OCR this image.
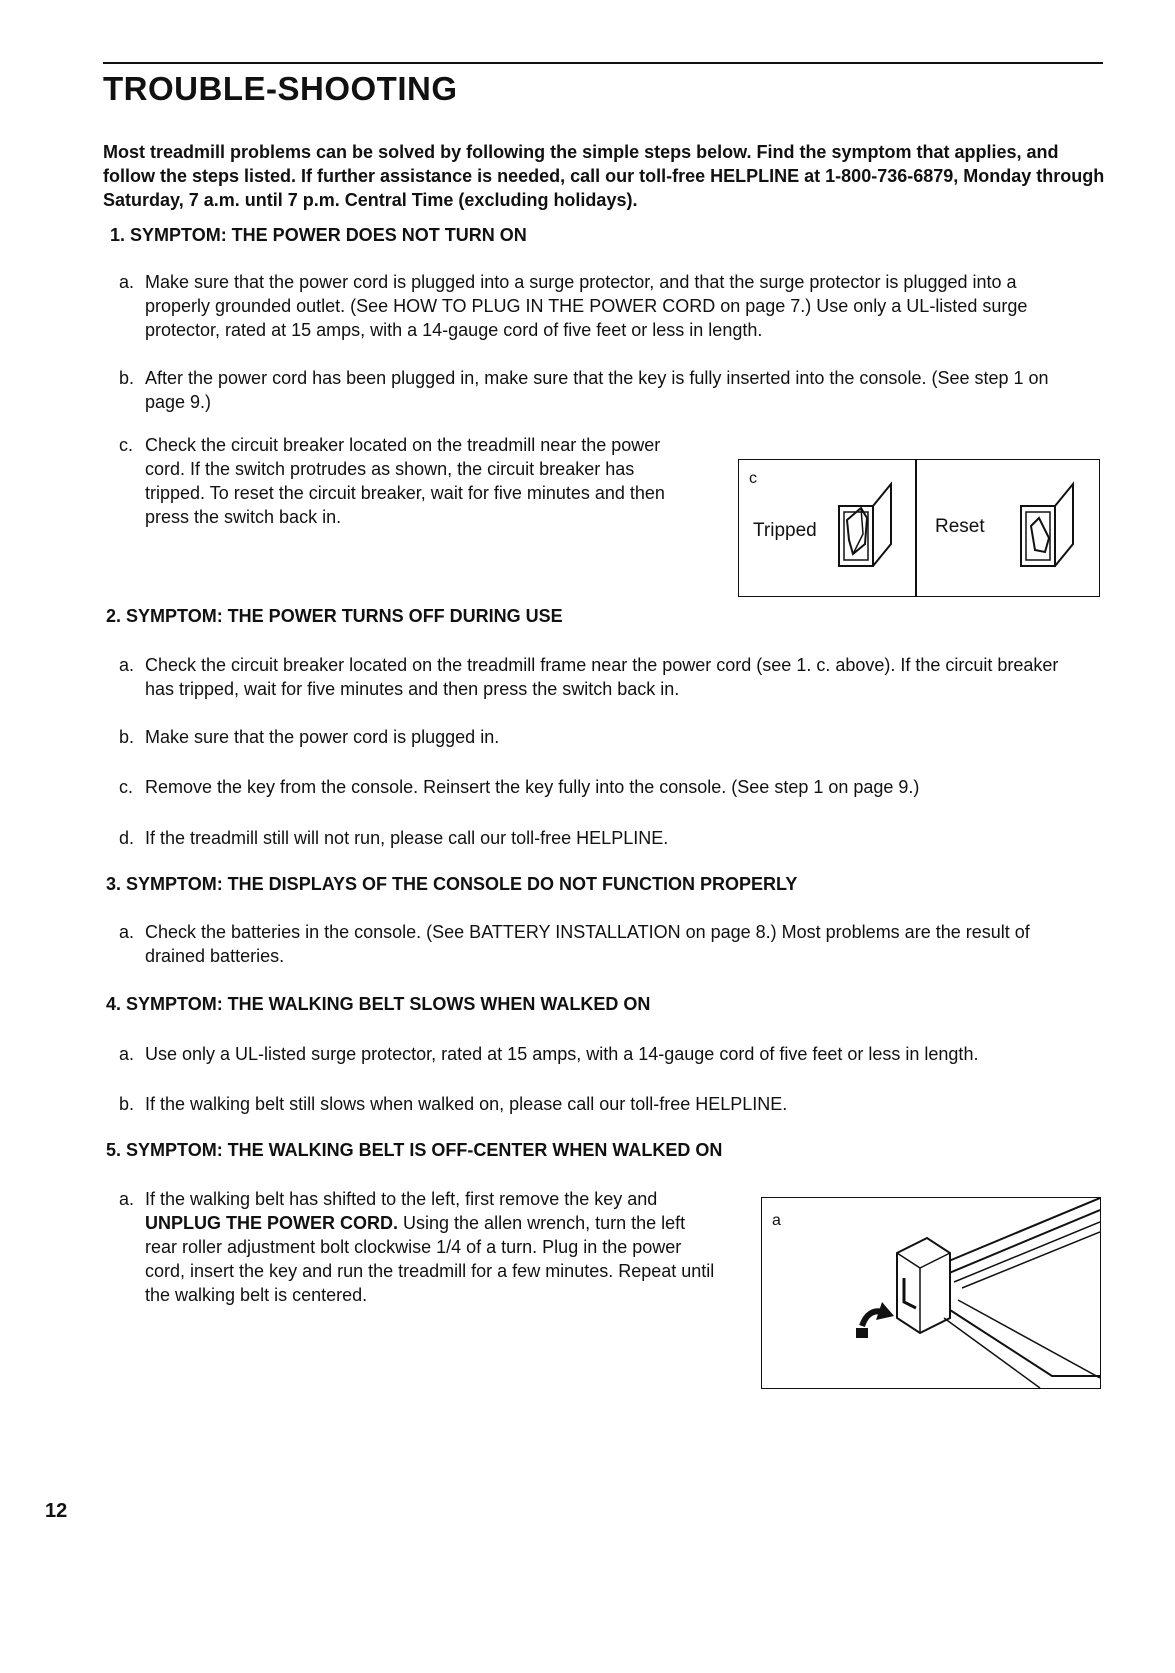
TROUBLE-SHOOTING

Most treadmill problems can be solved by following the simple steps below. Find the symptom that applies, and follow the steps listed. If further assistance is needed, call our toll-free HELPLINE at 1-800-736-6879, Monday through Saturday, 7 a.m. until 7 p.m. Central Time (excluding holidays).

1. SYMPTOM: THE POWER DOES NOT TURN ON

a. Make sure that the power cord is plugged into a surge protector, and that the surge protector is plugged into a properly grounded outlet. (See HOW TO PLUG IN THE POWER CORD on page 7.) Use only a UL-listed surge protector, rated at 15 amps, with a 14-gauge cord of five feet or less in length.
b. After the power cord has been plugged in, make sure that the key is fully inserted into the console. (See step 1 on page 9.)
c. Check the circuit breaker located on the treadmill near the power cord. If the switch protrudes as shown, the circuit breaker has tripped. To reset the circuit breaker, wait for five minutes and then press the switch back in.
c
Tripped	Reset

2. SYMPTOM: THE POWER TURNS OFF DURING USE

a. Check the circuit breaker located on the treadmill frame near the power cord (see 1. c. above). If the circuit breaker has tripped, wait for five minutes and then press the switch back in.
b. Make sure that the power cord is plugged in.
c. Remove the key from the console. Reinsert the key fully into the console. (See step 1 on page 9.)
d. If the treadmill still will not run, please call our toll-free HELPLINE.

3. SYMPTOM: THE DISPLAYS OF THE CONSOLE DO NOT FUNCTION PROPERLY

a. Check the batteries in the console. (See BATTERY INSTALLATION on page 8.) Most problems are the result of drained batteries.

4. SYMPTOM: THE WALKING BELT SLOWS WHEN WALKED ON

a. Use only a UL-listed surge protector, rated at 15 amps, with a 14-gauge cord of five feet or less in length.
b. If the walking belt still slows when walked on, please call our toll-free HELPLINE.

5. SYMPTOM: THE WALKING BELT IS OFF-CENTER WHEN WALKED ON

a. If the walking belt has shifted to the left, first remove the key and UNPLUG THE POWER CORD. Using the allen wrench, turn the left rear roller adjustment bolt clockwise 1/4 of a turn. Plug in the power cord, insert the key and run the treadmill for a few minutes. Repeat until the walking belt is centered.
a
12
